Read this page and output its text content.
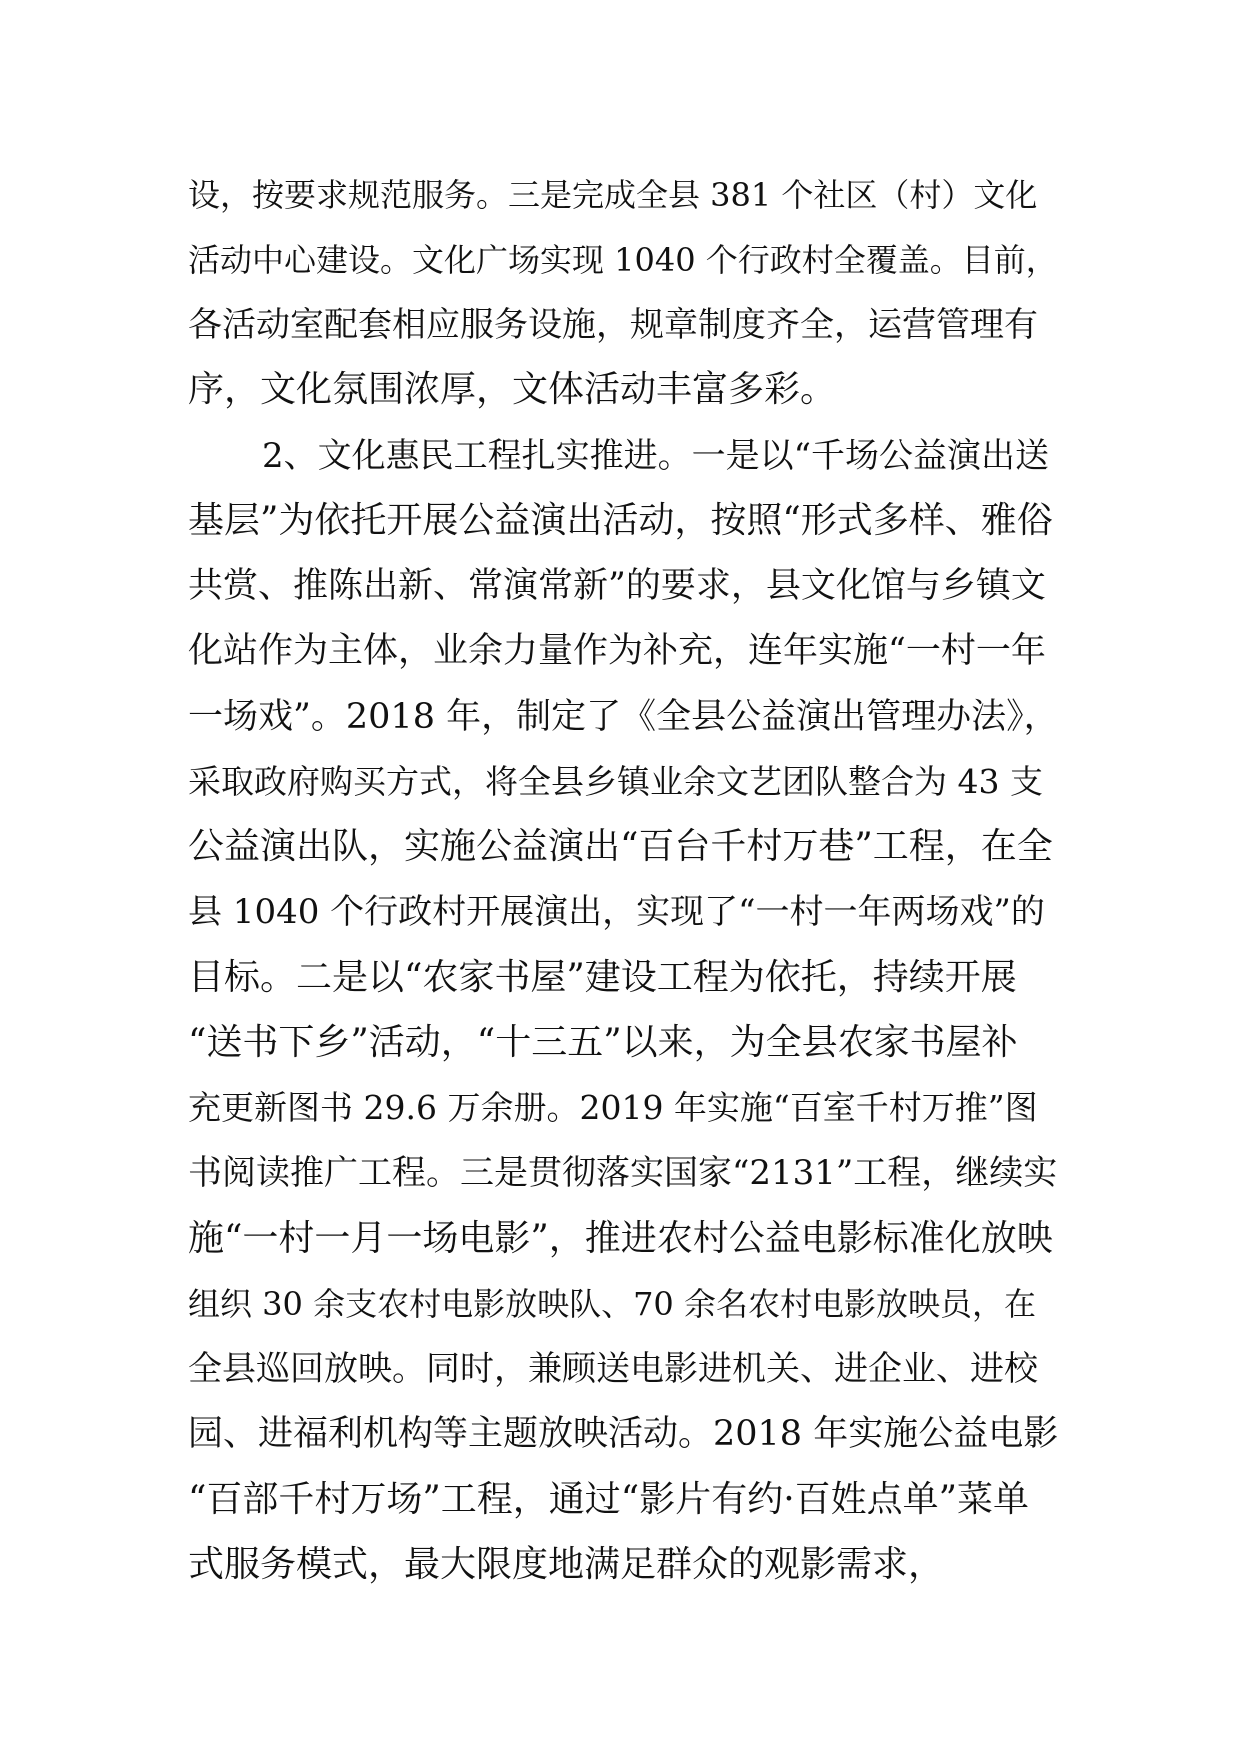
设，按要求规范服务。三是完成全县 381 个社区（村）文化
活动中心建设。文化广场实现 1040 个行政村全覆盖。目前，
各活动室配套相应服务设施，规章制度齐全，运营管理有
序，文化氛围浓厚，文体活动丰富多彩。
2、文化惠民工程扎实推进。一是以“千场公益演出送
基层”为依托开展公益演出活动，按照“形式多样、雅俗
共赏、推陈出新、常演常新”的要求，县文化馆与乡镇文
化站作为主体，业余力量作为补充，连年实施“一村一年
一场戏”。2018 年，制定了《全县公益演出管理办法》，
采取政府购买方式，将全县乡镇业余文艺团队整合为 43 支
公益演出队，实施公益演出“百台千村万巷”工程，在全
县 1040 个行政村开展演出，实现了“一村一年两场戏”的
目标。二是以“农家书屋”建设工程为依托，持续开展
“送书下乡”活动，“十三五”以来，为全县农家书屋补
充更新图书 29.6 万余册。2019 年实施“百室千村万推”图
书阅读推广工程。三是贯彻落实国家“2131”工程，继续实
施“一村一月一场电影”，推进农村公益电影标准化放映
组织 30 余支农村电影放映队、70 余名农村电影放映员，在
全县巡回放映。同时，兼顾送电影进机关、进企业、进校
园、进福利机构等主题放映活动。2018 年实施公益电影
“百部千村万场”工程，通过“影片有约·百姓点单”菜单
式服务模式，最大限度地满足群众的观影需求，
